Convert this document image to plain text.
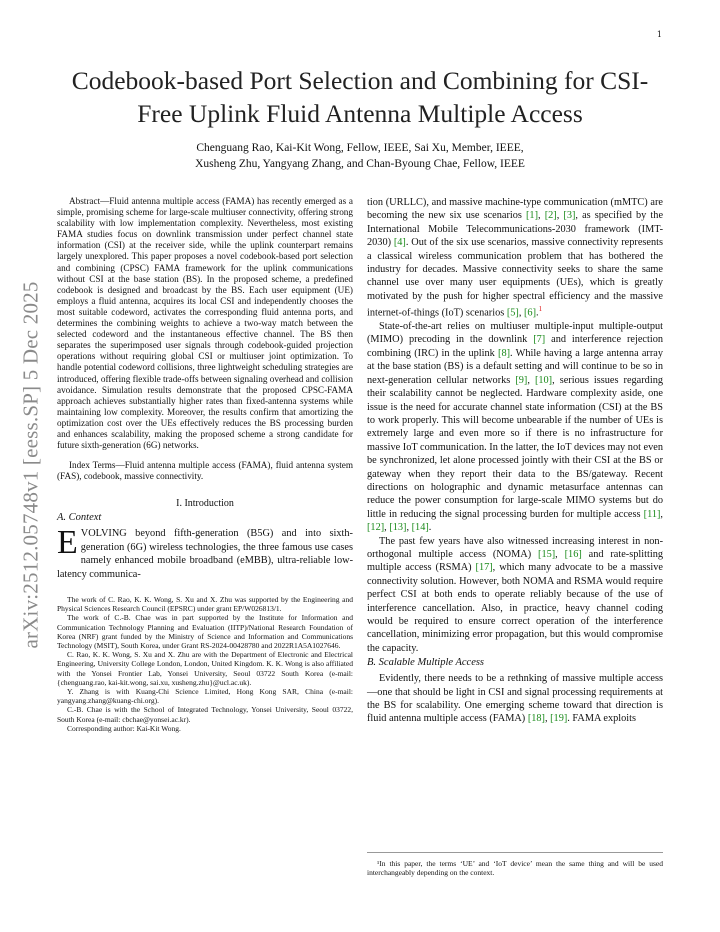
1
arXiv:2512.05748v1 [eess.SP] 5 Dec 2025
Codebook-based Port Selection and Combining for CSI-Free Uplink Fluid Antenna Multiple Access
Chenguang Rao, Kai-Kit Wong, Fellow, IEEE, Sai Xu, Member, IEEE,
Xusheng Zhu, Yangyang Zhang, and Chan-Byoung Chae, Fellow, IEEE

Abstract—Fluid antenna multiple access (FAMA) has recently emerged as a simple, promising scheme for large-scale multiuser connectivity, offering strong scalability with low implementation complexity. Nevertheless, most existing FAMA studies focus on downlink transmission under perfect channel state information (CSI) at the receiver side, while the uplink counterpart remains largely unexplored. This paper proposes a novel codebook-based port selection and combining (CPSC) FAMA framework for the uplink communications without CSI at the base station (BS). In the proposed scheme, a predefined codebook is designed and broadcast by the BS. Each user equipment (UE) employs a fluid antenna, acquires its local CSI and independently chooses the most suitable codeword, activates the corresponding fluid antenna ports, and determines the combining weights to achieve a two-way match between the selected codeword and the instantaneous effective channel. The BS then separates the superimposed user signals through codebook-guided projection operations without requiring global CSI or multiuser joint optimization. To handle potential codeword collisions, three lightweight scheduling strategies are introduced, offering flexible trade-offs between signaling overhead and collision avoidance. Simulation results demonstrate that the proposed CPSC-FAMA approach achieves substantially higher rates than fixed-antenna systems while maintaining low complexity. Moreover, the results confirm that amortizing the optimization cost over the UEs effectively reduces the BS processing burden and enhances scalability, making the proposed scheme a strong candidate for future sixth-generation (6G) networks.

Index Terms—Fluid antenna multiple access (FAMA), fluid antenna system (FAS), codebook, massive connectivity.

I. Introduction
A. Context

EVOLVING beyond fifth-generation (B5G) and into sixth-generation (6G) wireless technologies, the three famous use cases namely enhanced mobile broadband (eMBB), ultra-reliable low-latency communica-

The work of C. Rao, K. K. Wong, S. Xu and X. Zhu was supported by the Engineering and Physical Sciences Research Council (EPSRC) under grant EP/W026813/1.

The work of C.-B. Chae was in part supported by the Institute for Information and Communication Technology Planning and Evaluation (IITP)/National Research Foundation of Korea (NRF) grant funded by the Ministry of Science and Information and Communications Technology (MSIT), South Korea, under Grant RS-2024-00428780 and 2022R1A5A1027646.

C. Rao, K. K. Wong, S. Xu and X. Zhu are with the Department of Electronic and Electrical Engineering, University College London, London, United Kingdom. K. K. Wong is also affiliated with the Yonsei Frontier Lab, Yonsei University, Seoul 03722 South Korea (e-mail: {chenguang.rao, kai-kit.wong, sai.xu, xusheng.zhu}@ucl.ac.uk).

Y. Zhang is with Kuang-Chi Science Limited, Hong Kong SAR, China (e-mail: yangyang.zhang@kuang-chi.org).

C.-B. Chae is with the School of Integrated Technology, Yonsei University, Seoul 03722, South Korea (e-mail: cbchae@yonsei.ac.kr).

Corresponding author: Kai-Kit Wong.

tion (URLLC), and massive machine-type communication (mMTC) are becoming the new six use scenarios [1], [2], [3], as specified by the International Mobile Telecommunications-2030 framework (IMT-2030) [4]. Out of the six use scenarios, massive connectivity represents a classical wireless communication problem that has bothered the industry for decades. Massive connectivity seeks to share the same channel use over many user equipments (UEs), which is greatly motivated by the push for higher spectral efficiency and the massive internet-of-things (IoT) scenarios [5], [6].$^1$

State-of-the-art relies on multiuser multiple-input multiple-output (MIMO) precoding in the downlink [7] and interference rejection combining (IRC) in the uplink [8]. While having a large antenna array at the base station (BS) is a default setting and will continue to be so in next-generation cellular networks [9], [10], serious issues regarding their scalability cannot be neglected. Hardware complexity aside, one issue is the need for accurate channel state information (CSI) at the BS to work properly. This will become unbearable if the number of UEs is extremely large and even more so if there is no infrastructure for massive IoT communication. In the latter, the IoT devices may not even be synchronized, let alone processed jointly with their CSI at the BS or gateway when they report their data to the BS/gateway. Recent directions on holographic and dynamic metasurface antennas can reduce the power consumption for large-scale MIMO systems but do little in reducing the signal processing burden for multiple access [11], [12], [13], [14].

The past few years have also witnessed increasing interest in non-orthogonal multiple access (NOMA) [15], [16] and rate-splitting multiple access (RSMA) [17], which many advocate to be a massive connectivity solution. However, both NOMA and RSMA would require perfect CSI at both ends to operate reliably because of the use of interference cancellation. Also, in practice, heavy channel coding would be required to ensure correct operation of the interference cancellation, minimizing error propagation, but this would compromise the capacity.

B. Scalable Multiple Access

Evidently, there needs to be a rethnking of massive multiple access—one that should be light in CSI and signal processing requirements at the BS for scalability. One emerging scheme toward that direction is fluid antenna multiple access (FAMA) [18], [19]. FAMA exploits

¹In this paper, the terms ‘UE’ and ‘IoT device’ mean the same thing and will be used interchangeably depending on the context.
